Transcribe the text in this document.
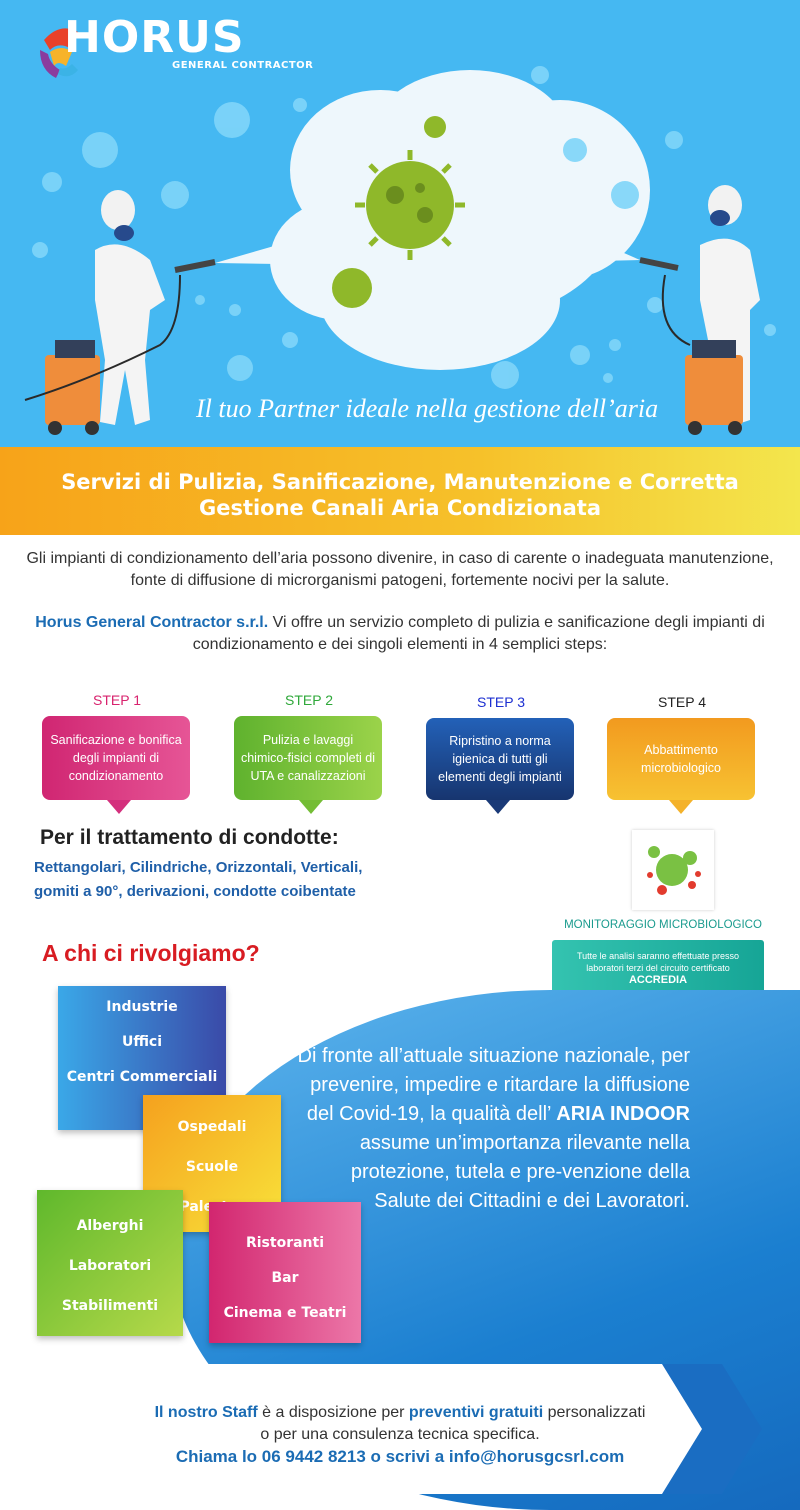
HORUS
GENERAL CONTRACTOR
Il tuo Partner ideale nella gestione dell’aria
Servizi di Pulizia, Sanificazione, Manutenzione e Corretta
Gestione Canali Aria Condizionata
Gli impianti di condizionamento dell’aria possono divenire, in caso di carente o inadeguata manutenzione, fonte di diffusione di microrganismi patogeni, fortemente nocivi per la salute.
Horus General Contractor s.r.l. Vi offre un servizio completo di pulizia e sanificazione degli impianti di condizionamento e dei singoli elementi in 4 semplici steps:
STEP 1
Sanificazione e bonifica degli impianti di condizionamento
STEP 2
Pulizia e lavaggi chimico-fisici completi di UTA e canalizzazioni
STEP 3
Ripristino a norma igienica di tutti gli elementi degli impianti
STEP 4
Abbattimento microbiologico
Per il trattamento di condotte:
Rettangolari, Cilindriche, Orizzontali, Verticali,
gomiti a 90°, derivazioni, condotte coibentate
MONITORAGGIO MICROBIOLOGICO
Tutte le analisi saranno effettuate presso
laboratori terzi del circuito certificato
ACCREDIA
A chi ci rivolgiamo?
Di fronte all’attuale situazione nazionale, per prevenire, impedire e ritardare la diffusione del Covid-19, la qualità dell’ ARIA INDOOR assume un’importanza rilevante nella protezione, tutela e pre-venzione della Salute dei Cittadini e dei Lavoratori.
Industrie
Uffici
Centri Commerciali
Ospedali
Scuole
Alberghi
Laboratori
Stabilimenti
Ristoranti
Bar
Cinema e Teatri
Il nostro Staff è a disposizione per preventivi gratuiti personalizzati
o per una consulenza tecnica specifica.
Chiama lo 06 9442 8213 o scrivi a info@horusgcsrl.com
